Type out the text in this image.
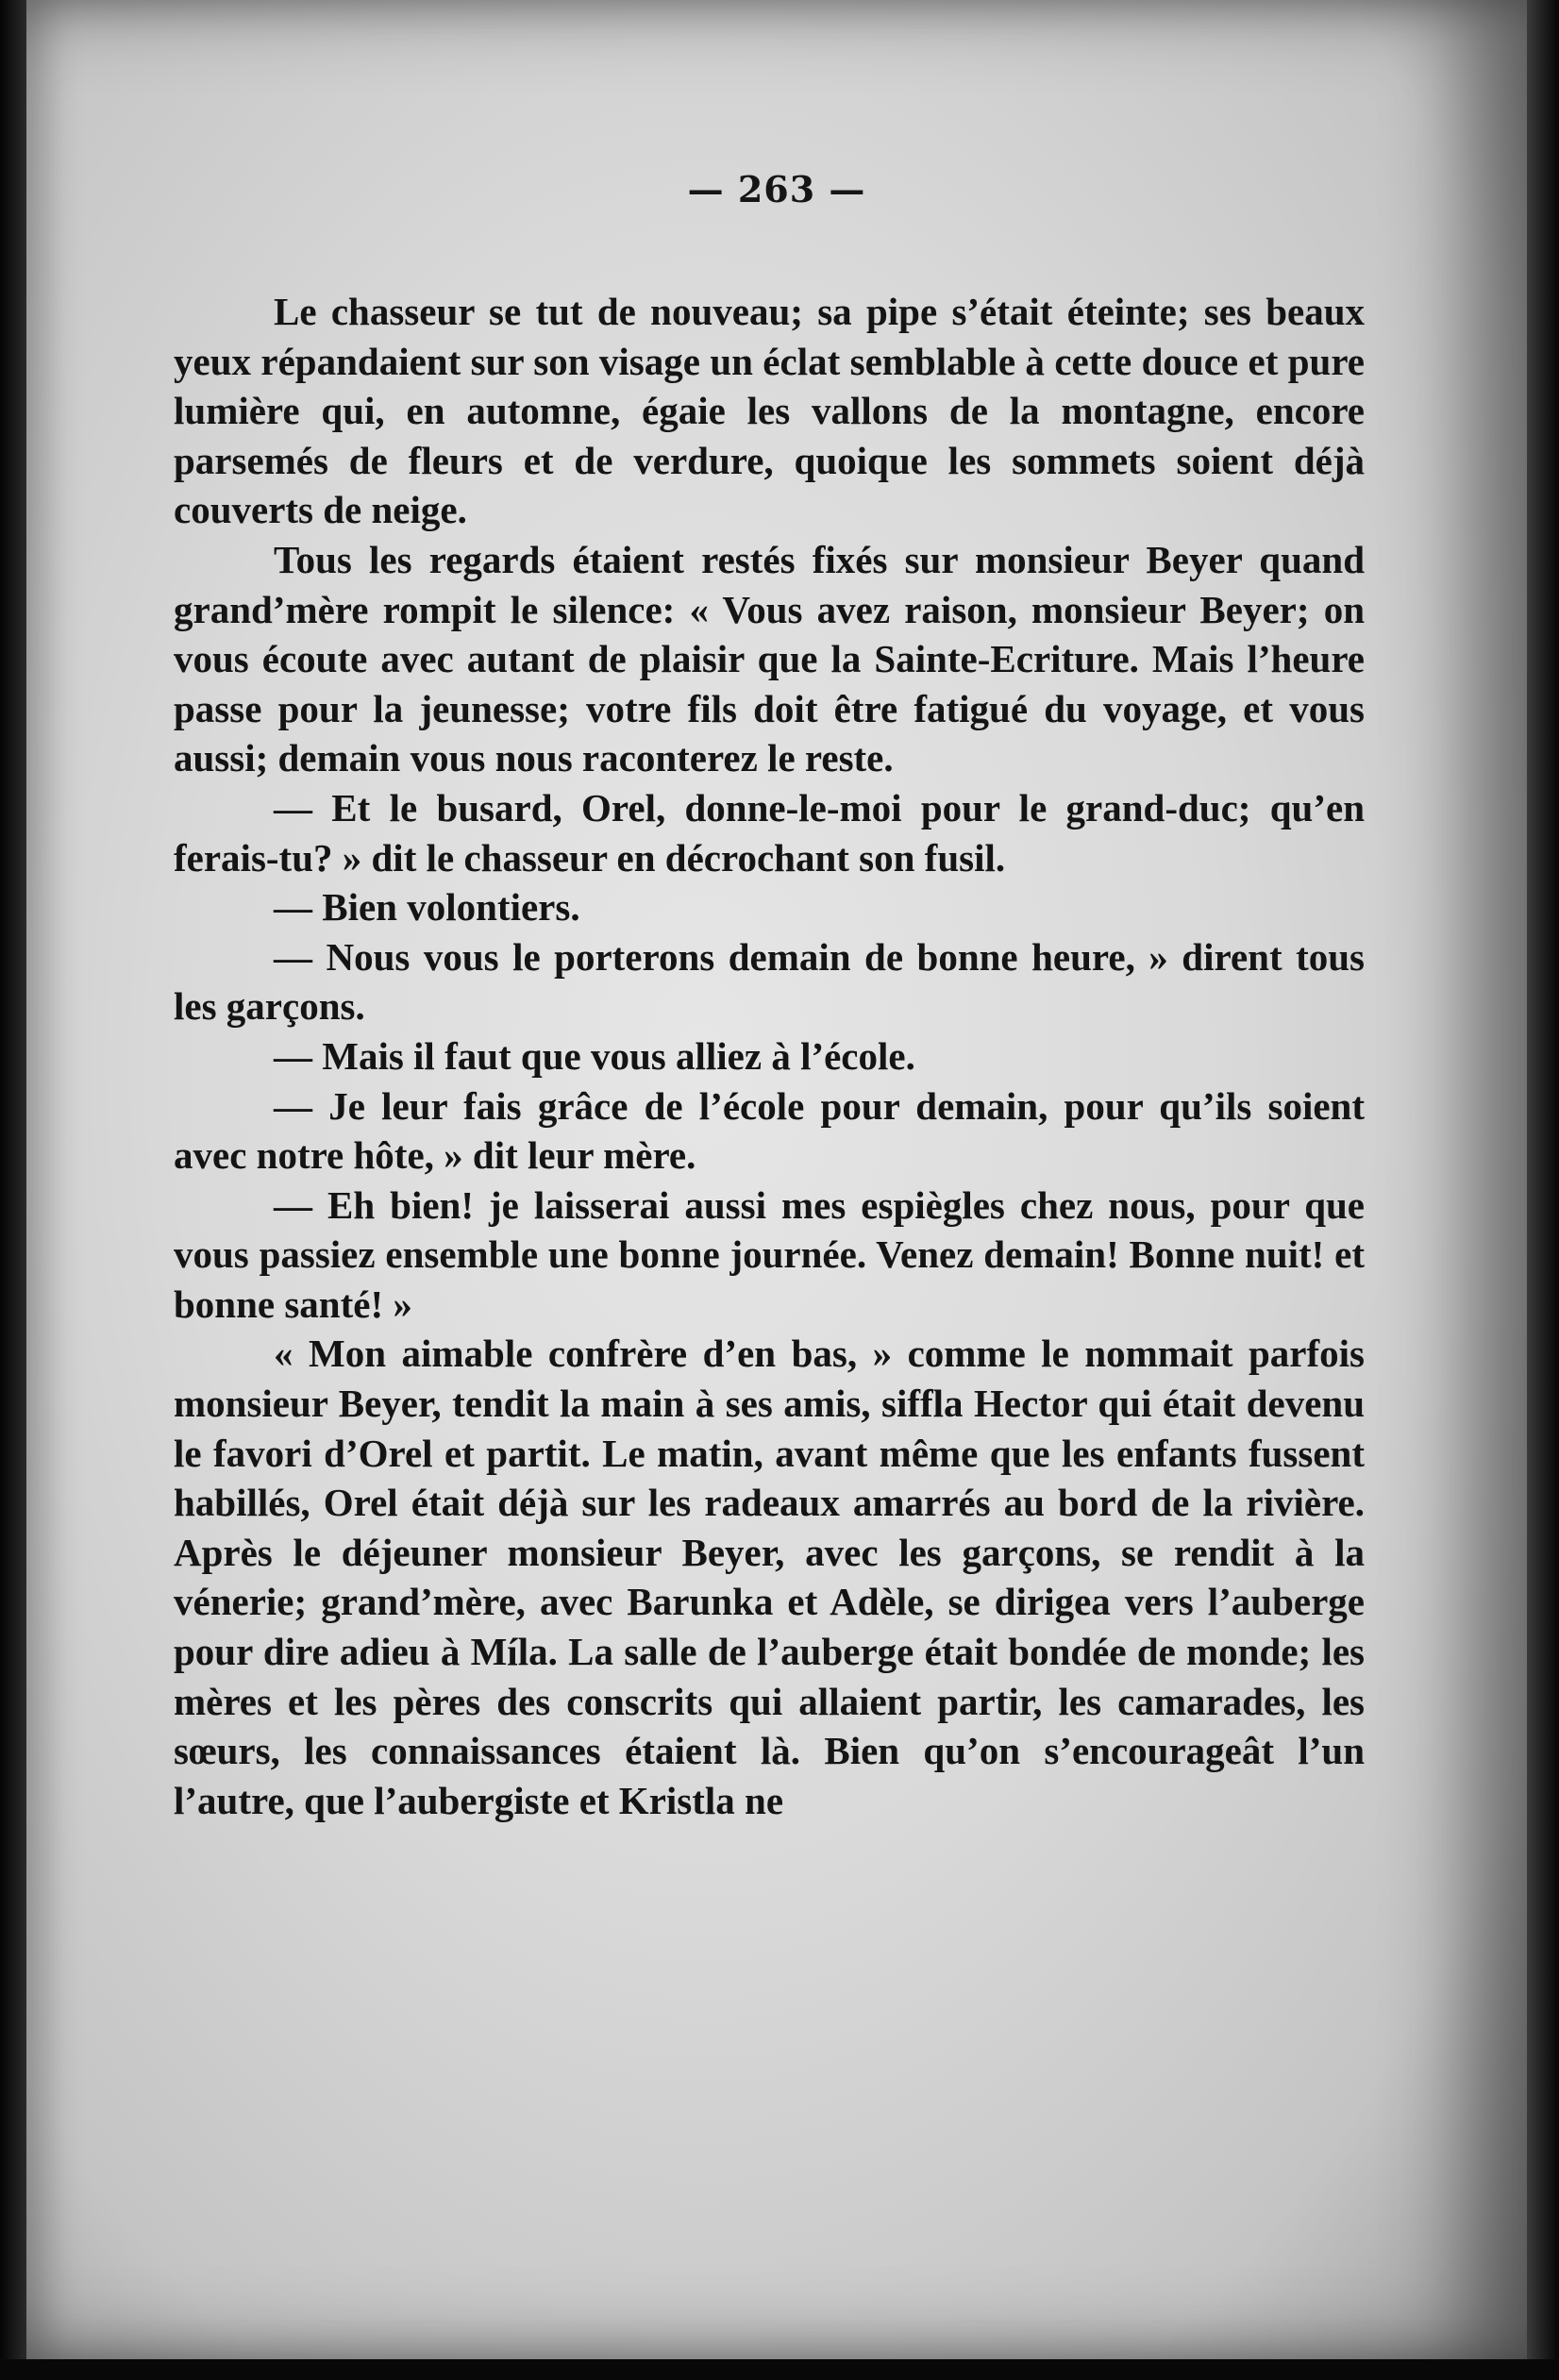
— 263 —

Le chasseur se tut de nouveau; sa pipe s’était éteinte; ses beaux yeux répandaient sur son visage un éclat semblable à cette douce et pure lumière qui, en automne, égaie les vallons de la montagne, encore parsemés de fleurs et de verdure, quoique les sommets soient déjà couverts de neige.

Tous les regards étaient restés fixés sur monsieur Beyer quand grand’mère rompit le silence: « Vous avez raison, monsieur Beyer; on vous écoute avec autant de plaisir que la Sainte-Ecriture. Mais l’heure passe pour la jeunesse; votre fils doit être fatigué du voyage, et vous aussi; demain vous nous raconterez le reste.

— Et le busard, Orel, donne-le-moi pour le grand-duc; qu’en ferais-tu? » dit le chasseur en décrochant son fusil.

— Bien volontiers.

— Nous vous le porterons demain de bonne heure, » dirent tous les garçons.

— Mais il faut que vous alliez à l’école.

— Je leur fais grâce de l’école pour demain, pour qu’ils soient avec notre hôte, » dit leur mère.

— Eh bien! je laisserai aussi mes espiègles chez nous, pour que vous passiez ensemble une bonne journée. Venez demain! Bonne nuit! et bonne santé! »

« Mon aimable confrère d’en bas, » comme le nommait parfois monsieur Beyer, tendit la main à ses amis, siffla Hector qui était devenu le favori d’Orel et partit. Le matin, avant même que les enfants fussent habillés, Orel était déjà sur les radeaux amarrés au bord de la rivière. Après le déjeuner monsieur Beyer, avec les garçons, se rendit à la vénerie; grand’mère, avec Barunka et Adèle, se dirigea vers l’auberge pour dire adieu à Míla. La salle de l’auberge était bondée de monde; les mères et les pères des conscrits qui allaient partir, les camarades, les sœurs, les connaissances étaient là. Bien qu’on s’encourageât l’un l’autre, que l’aubergiste et Kristla ne
